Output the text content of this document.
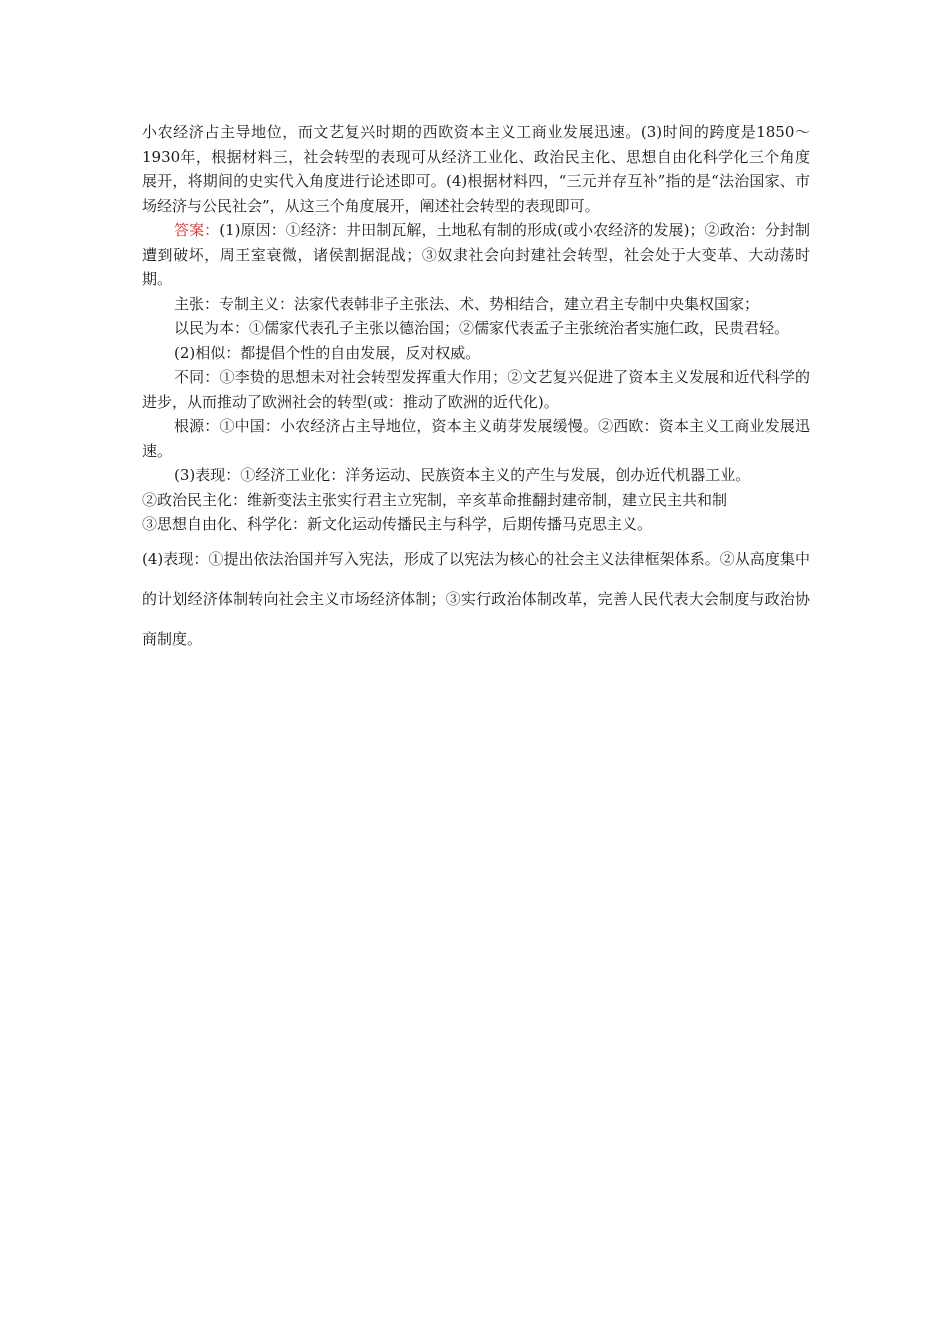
小农经济占主导地位，而文艺复兴时期的西欧资本主义工商业发展迅速。(3)时间的跨度是1850～1930年，根据材料三，社会转型的表现可从经济工业化、政治民主化、思想自由化科学化三个角度展开，将期间的史实代入角度进行论述即可。(4)根据材料四，“三元并存互补”指的是“法治国家、市场经济与公民社会”，从这三个角度展开，阐述社会转型的表现即可。

答案：(1)原因：①经济：井田制瓦解，土地私有制的形成(或小农经济的发展)；②政治：分封制遭到破坏，周王室衰微，诸侯割据混战；③奴隶社会向封建社会转型，社会处于大变革、大动荡时期。

主张：专制主义：法家代表韩非子主张法、术、势相结合，建立君主专制中央集权国家；

以民为本：①儒家代表孔子主张以德治国；②儒家代表孟子主张统治者实施仁政，民贵君轻。

(2)相似：都提倡个性的自由发展，反对权威。

不同：①李贽的思想未对社会转型发挥重大作用；②文艺复兴促进了资本主义发展和近代科学的进步，从而推动了欧洲社会的转型(或：推动了欧洲的近代化)。

根源：①中国：小农经济占主导地位，资本主义萌芽发展缓慢。②西欧：资本主义工商业发展迅速。

(3)表现：①经济工业化：洋务运动、民族资本主义的产生与发展，创办近代机器工业。

②政治民主化：维新变法主张实行君主立宪制，辛亥革命推翻封建帝制，建立民主共和制

③思想自由化、科学化：新文化运动传播民主与科学，后期传播马克思主义。

(4)表现：①提出依法治国并写入宪法，形成了以宪法为核心的社会主义法律框架体系。②从高度集中的计划经济体制转向社会主义市场经济体制；③实行政治体制改革，完善人民代表大会制度与政治协商制度。
